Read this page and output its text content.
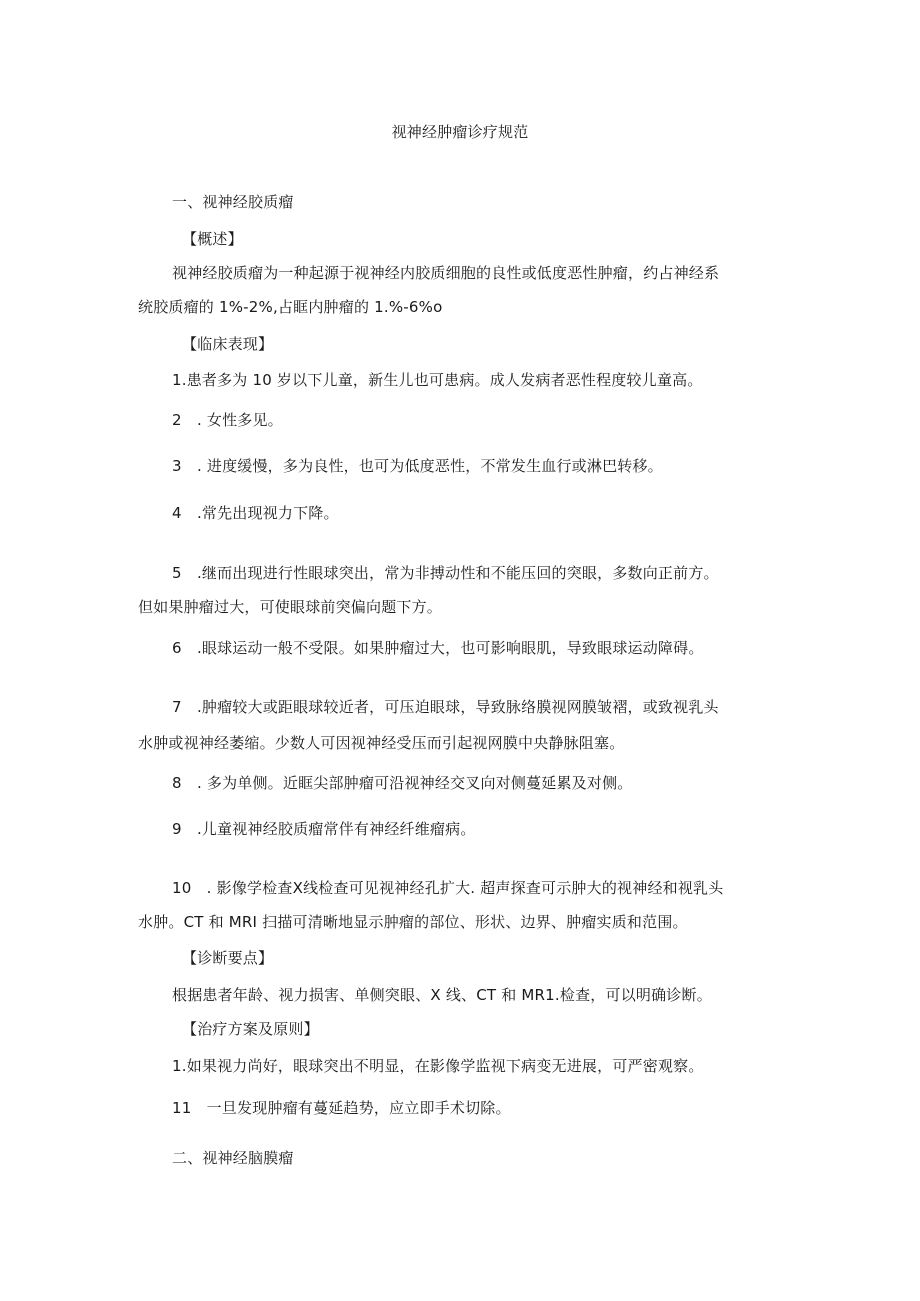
视神经肿瘤诊疗规范
一、视神经胶质瘤
【概述】
视神经胶质瘤为一种起源于视神经内胶质细胞的良性或低度恶性肿瘤，约占神经系
统胶质瘤的 1%-2%,占眶内肿瘤的 1.%-6%o
【临床表现】
1.患者多为 10 岁以下儿童，新生儿也可患病。成人发病者恶性程度较儿童高。
2　. 女性多见。
3　. 进度缓慢，多为良性，也可为低度恶性，不常发生血行或淋巴转移。
4　.常先出现视力下降。
5　.继而出现进行性眼球突出，常为非搏动性和不能压回的突眼，多数向正前方。
但如果肿瘤过大，可使眼球前突偏向题下方。
6　.眼球运动一般不受限。如果肿瘤过大，也可影响眼肌，导致眼球运动障碍。
7　.肿瘤较大或距眼球较近者，可压迫眼球，导致脉络膜视网膜皱褶，或致视乳头
水肿或视神经萎缩。少数人可因视神经受压而引起视网膜中央静脉阻塞。
8　. 多为单侧。近眶尖部肿瘤可沿视神经交叉向对侧蔓延累及对侧。
9　.儿童视神经胶质瘤常伴有神经纤维瘤病。
10　. 影像学检查X线检查可见视神经孔扩大. 超声探查可示肿大的视神经和视乳头
水肿。CT 和 MRI 扫描可清晰地显示肿瘤的部位、形状、边界、肿瘤实质和范围。
【诊断要点】
根据患者年龄、视力损害、单侧突眼、X 线、CT 和 MR1.检查，可以明确诊断。
【治疗方案及原则】
1.如果视力尚好，眼球突出不明显，在影像学监视下病变无进展，可严密观察。
11　一旦发现肿瘤有蔓延趋势，应立即手术切除。
二、视神经脑膜瘤
